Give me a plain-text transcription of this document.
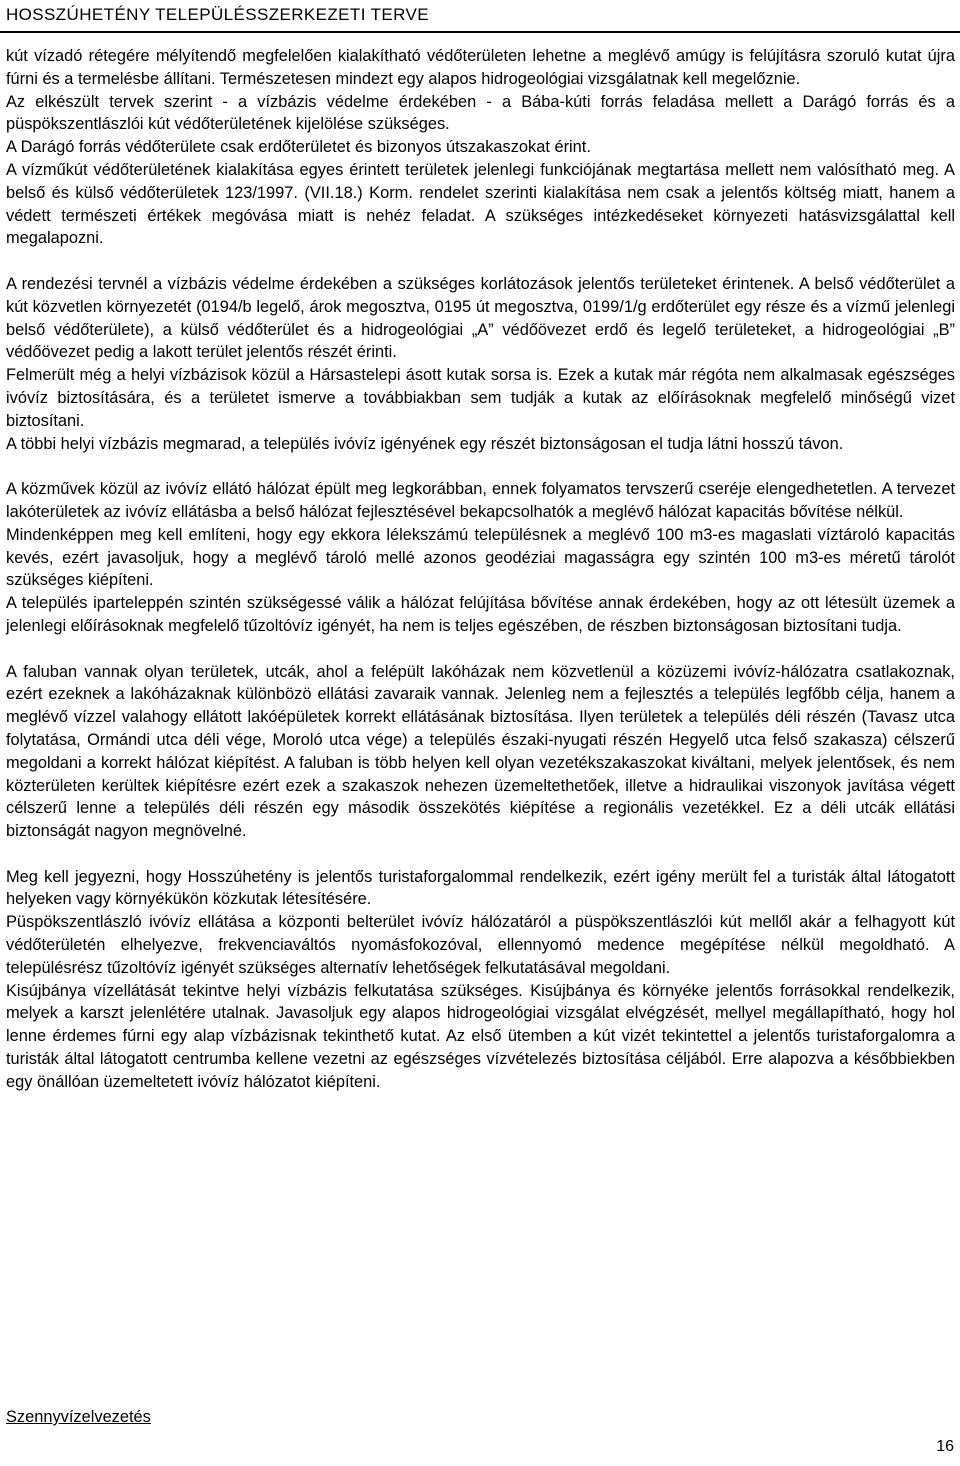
HOSSZÚHETÉNY TELEPÜLÉSSZERKEZETI TERVE

kút vízadó rétegére mélyítendő megfelelően kialakítható védőterületen lehetne a meglévő amúgy is felújításra szoruló kutat újra fúrni és a termelésbe állítani. Természetesen mindezt egy alapos hidrogeológiai vizsgálatnak kell megelőznie.

Az elkészült tervek szerint - a vízbázis védelme érdekében - a Bába-kúti forrás feladása mellett a Darágó forrás és a püspökszentlászlói kút védőterületének kijelölése szükséges.

A Darágó forrás védőterülete csak erdőterületet és bizonyos útszakaszokat érint.

A vízműkút védőterületének kialakítása egyes érintett területek jelenlegi funkciójának megtartása mellett nem valósítható meg. A belső és külső védőterületek 123/1997. (VII.18.) Korm. rendelet szerinti kialakítása nem csak a jelentős költség miatt, hanem a védett természeti értékek megóvása miatt is nehéz feladat. A szükséges intézkedéseket környezeti hatásvizsgálattal kell megalapozni.

A rendezési tervnél a vízbázis védelme érdekében a szükséges korlátozások jelentős területeket érintenek. A belső védőterület a kút közvetlen környezetét (0194/b legelő, árok megosztva, 0195 út megosztva, 0199/1/g erdőterület egy része és a vízmű jelenlegi belső védőterülete), a külső védőterület és a hidrogeológiai „A” védőövezet erdő és legelő területeket, a hidrogeológiai „B” védőövezet pedig a lakott terület jelentős részét érinti.

Felmerült még a helyi vízbázisok közül a Hársastelepi ásott kutak sorsa is. Ezek a kutak már régóta nem alkalmasak egészséges ivóvíz biztosítására, és a területet ismerve a továbbiakban sem tudják a kutak az előírásoknak megfelelő minőségű vizet biztosítani.

A többi helyi vízbázis megmarad, a település ivóvíz igényének egy részét biztonságosan el tudja látni hosszú távon.

A közművek közül az ivóvíz ellátó hálózat épült meg legkorábban, ennek folyamatos tervszerű cseréje elengedhetetlen. A tervezet lakóterületek az ivóvíz ellátásba a belső hálózat fejlesztésével bekapcsolhatók a meglévő hálózat kapacitás bővítése nélkül.

Mindenképpen meg kell említeni, hogy egy ekkora lélekszámú településnek a meglévő 100 m3-es magaslati víztároló kapacitás kevés, ezért javasoljuk, hogy a meglévő tároló mellé azonos geodéziai magasságra egy szintén 100 m3-es méretű tárolót szükséges kiépíteni.

A település iparteleppén szintén szükségessé válik a hálózat felújítása bővítése annak érdekében, hogy az ott létesült üzemek a jelenlegi előírásoknak megfelelő tűzoltóvíz igényét, ha nem is teljes egészében, de részben biztonságosan biztosítani tudja.

A faluban vannak olyan területek, utcák, ahol a felépült lakóházak nem közvetlenül a közüzemi ivóvíz-hálózatra csatlakoznak, ezért ezeknek a lakóházaknak különbözö ellátási zavaraik vannak. Jelenleg nem a fejlesztés a település legfőbb célja, hanem a meglévő vízzel valahogy ellátott lakóépületek korrekt ellátásának biztosítása. Ilyen területek a település déli részén (Tavasz utca folytatása, Ormándi utca déli vége, Moroló utca vége) a település északi-nyugati részén Hegyelő utca felső szakasza) célszerű megoldani a korrekt hálózat kiépítést. A faluban is több helyen kell olyan vezetékszakaszokat kiváltani, melyek jelentősek, és nem közterületen kerültek kiépítésre ezért ezek a szakaszok nehezen üzemeltethetőek, illetve a hidraulikai viszonyok javítása végett célszerű lenne a település déli részén egy második összekötés kiépítése a regionális vezetékkel. Ez a déli utcák ellátási biztonságát nagyon megnövelné.

Meg kell jegyezni, hogy Hosszúhetény is jelentős turistaforgalommal rendelkezik, ezért igény merült fel a turisták által látogatott helyeken vagy környékükön közkutak létesítésére.

Püspökszentlászló ivóvíz ellátása a központi belterület ivóvíz hálózatáról a püspökszentlászlói kút mellől akár a felhagyott kút védőterületén elhelyezve, frekvenciaváltós nyomásfokozóval, ellennyomó medence megépítése nélkül megoldható. A településrész tűzoltóvíz igényét szükséges alternatív lehetőségek felkutatásával megoldani.

Kisújbánya vízellátását tekintve helyi vízbázis felkutatása szükséges. Kisújbánya és környéke jelentős forrásokkal rendelkezik, melyek a karszt jelenlétére utalnak. Javasoljuk egy alapos hidrogeológiai vizsgálat elvégzését, mellyel megállapítható, hogy hol lenne érdemes fúrni egy alap vízbázisnak tekinthető kutat. Az első ütemben a kút vizét tekintettel a jelentős turistaforgalomra a turisták által látogatott centrumba kellene vezetni az egészséges vízvételezés biztosítása céljából. Erre alapozva a későbbiekben egy önállóan üzemeltetett ivóvíz hálózatot kiépíteni.

Szennyvízelvezetés
16
